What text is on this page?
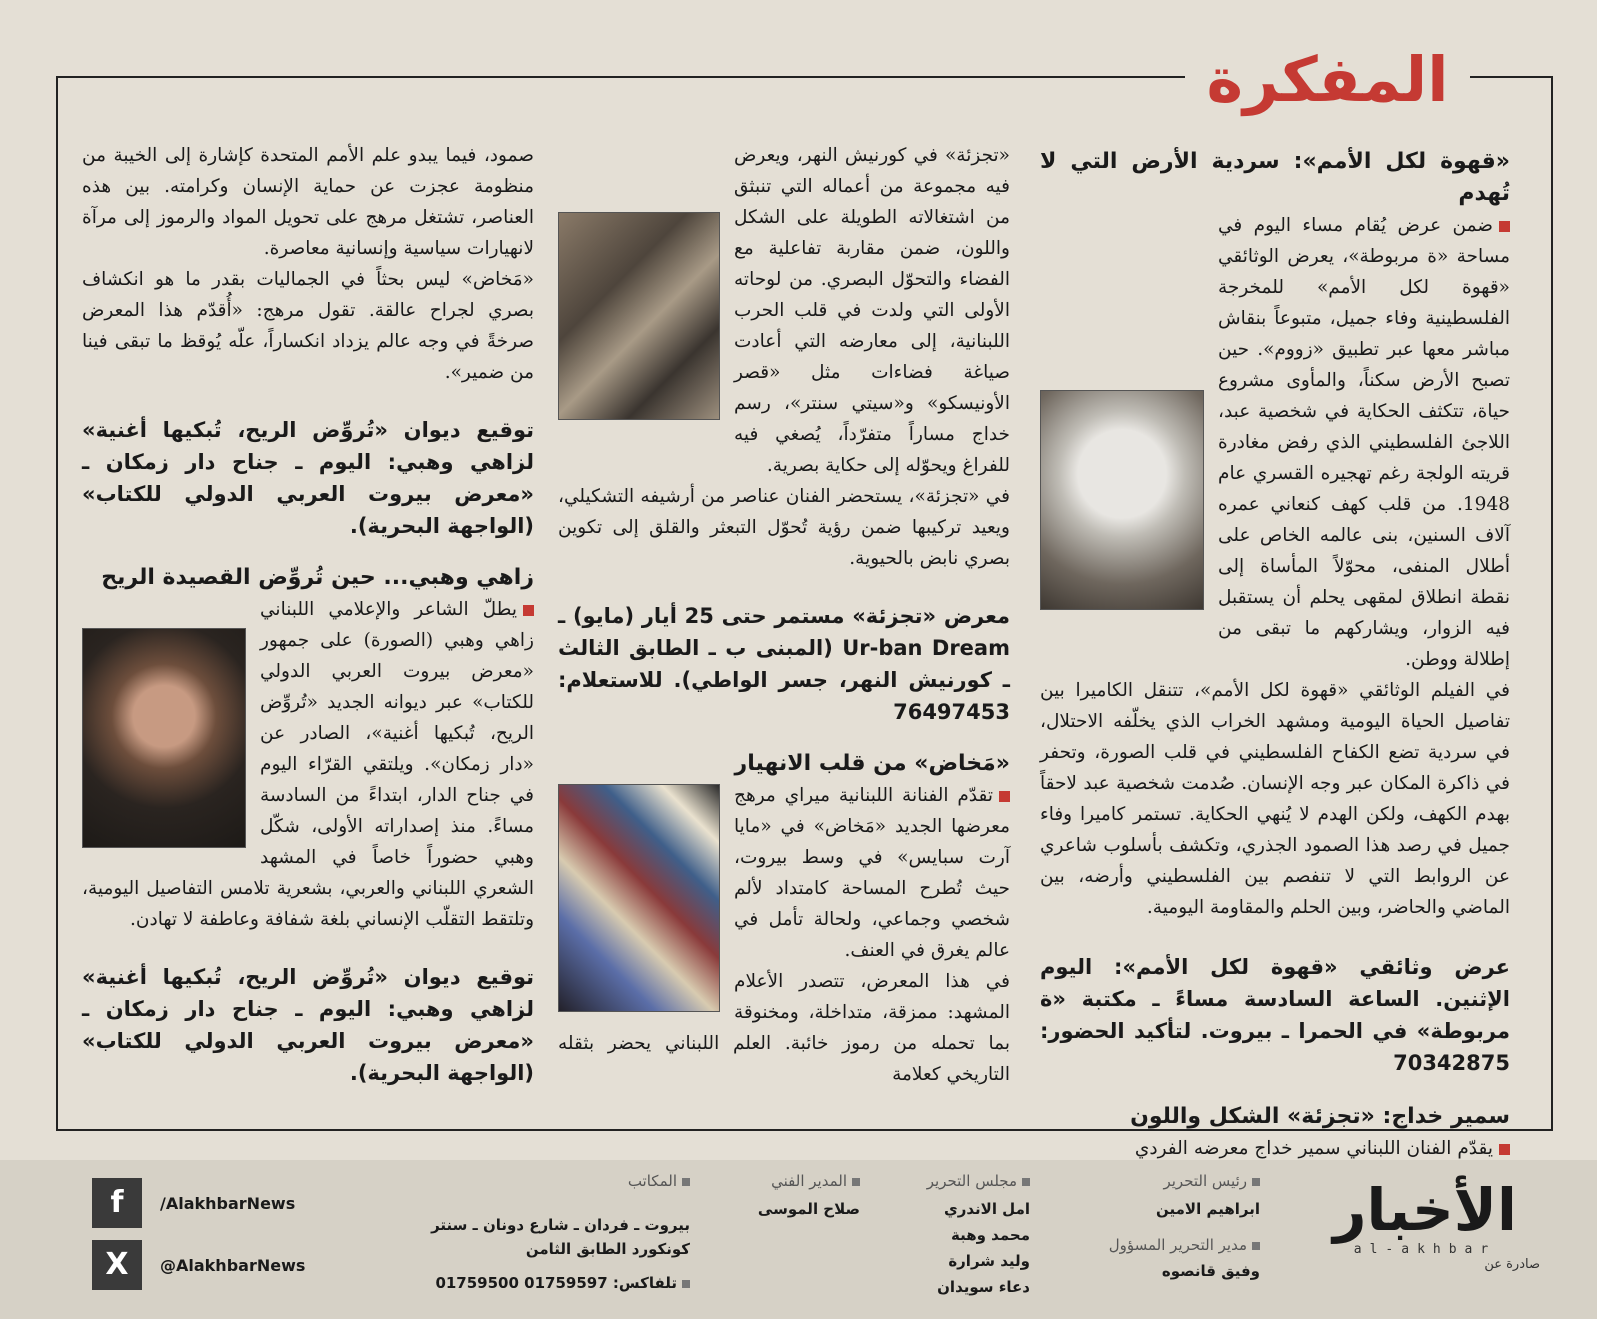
المفكرة

«قهوة لكل الأمم»: سردية الأرض التي لا تُهدم

ضمن عرض يُقام مساء اليوم في مساحة «ة مربوطة»، يعرض الوثائقي «قهوة لكل الأمم» للمخرجة الفلسطينية وفاء جميل، متبوعاً بنقاش مباشر معها عبر تطبيق «زووم». حين تصبح الأرض سكناً، والمأوى مشروع حياة، تتكثف الحكاية في شخصية عبد، اللاجئ الفلسطيني الذي رفض مغادرة قريته الولجة رغم تهجيره القسري عام 1948. من قلب كهف كنعاني عمره آلاف السنين، بنى عالمه الخاص على أطلال المنفى، محوّلاً المأساة إلى نقطة انطلاق لمقهى يحلم أن يستقبل فيه الزوار، ويشاركهم ما تبقى من إطلالة ووطن.

في الفيلم الوثائقي «قهوة لكل الأمم»، تتنقل الكاميرا بين تفاصيل الحياة اليومية ومشهد الخراب الذي يخلّفه الاحتلال، في سردية تضع الكفاح الفلسطيني في قلب الصورة، وتحفر في ذاكرة المكان عبر وجه الإنسان. صُدمت شخصية عبد لاحقاً بهدم الكهف، ولكن الهدم لا يُنهي الحكاية. تستمر كاميرا وفاء جميل في رصد هذا الصمود الجذري، وتكشف بأسلوب شاعري عن الروابط التي لا تنفصم بين الفلسطيني وأرضه، بين الماضي والحاضر، وبين الحلم والمقاومة اليومية.

عرض وثائقي «قهوة لكل الأمم»: اليوم الإثنين. الساعة السادسة مساءً ـ مكتبة «ة مربوطة» في الحمرا ـ بيروت. لتأكيد الحضور: 70342875

سمير خداج: «تجزئة» الشكل واللون

يقدّم الفنان اللبناني سمير خداج معرضه الفردي

«تجزئة» في كورنيش النهر، ويعرض فيه مجموعة من أعماله التي تنبثق من اشتغالاته الطويلة على الشكل واللون، ضمن مقاربة تفاعلية مع الفضاء والتحوّل البصري. من لوحاته الأولى التي ولدت في قلب الحرب اللبنانية، إلى معارضه التي أعادت صياغة فضاءات مثل «قصر الأونيسكو» و«سيتي سنتر»، رسم خداج مساراً متفرّداً، يُصغي فيه للفراغ ويحوّله إلى حكاية بصرية.

في «تجزئة»، يستحضر الفنان عناصر من أرشيفه التشكيلي، ويعيد تركيبها ضمن رؤية تُحوّل التبعثر والقلق إلى تكوين بصري نابض بالحيوية.

معرض «تجزئة» مستمر حتى 25 أيار (مايو) ـ Ur-ban Dream (المبنى ب ـ الطابق الثالث ـ كورنيش النهر، جسر الواطي). للاستعلام: 76497453

«مَخاض» من قلب الانهيار

تقدّم الفنانة اللبنانية ميراي مرهج معرضها الجديد «مَخاض» في «مايا آرت سبايس» في وسط بيروت، حيث تُطرح المساحة كامتداد لألم شخصي وجماعي، ولحالة تأمل في عالم يغرق في العنف.

في هذا المعرض، تتصدر الأعلام المشهد: ممزقة، متداخلة، ومخنوقة بما تحمله من رموز خائبة. العلم اللبناني يحضر بثقله التاريخي كعلامة

صمود، فيما يبدو علم الأمم المتحدة كإشارة إلى الخيبة من منظومة عجزت عن حماية الإنسان وكرامته. بين هذه العناصر، تشتغل مرهج على تحويل المواد والرموز إلى مرآة لانهيارات سياسية وإنسانية معاصرة.

«مَخاض» ليس بحثاً في الجماليات بقدر ما هو انكشاف بصري لجراح عالقة. تقول مرهج: «أُقدّم هذا المعرض صرخةً في وجه عالم يزداد انكساراً، علّه يُوقظ ما تبقى فينا من ضمير».

توقيع ديوان «تُروِّض الريح، تُبكيها أغنية» لزاهي وهبي: اليوم ـ جناح دار زمكان ـ «معرض بيروت العربي الدولي للكتاب» (الواجهة البحرية).

زاهي وهبي... حين تُروِّض القصيدة الريح

يطلّ الشاعر والإعلامي اللبناني زاهي وهبي (الصورة) على جمهور «معرض بيروت العربي الدولي للكتاب» عبر ديوانه الجديد «تُروِّض الريح، تُبكيها أغنية»، الصادر عن «دار زمكان». ويلتقي القرّاء اليوم في جناح الدار، ابتداءً من السادسة مساءً. منذ إصداراته الأولى، شكّل وهبي حضوراً خاصاً في المشهد الشعري اللبناني والعربي، بشعرية تلامس التفاصيل اليومية، وتلتقط التقلّب الإنساني بلغة شفافة وعاطفة لا تهادن.

توقيع ديوان «تُروِّض الريح، تُبكيها أغنية» لزاهي وهبي: اليوم ـ جناح دار زمكان ـ «معرض بيروت العربي الدولي للكتاب» (الواجهة البحرية).

الأخبار
al-akhbar
صادرة عن
رئيس التحرير
ابراهيم الامين
مدير التحرير المسؤول
وفيق قانصوه
مجلس التحرير
امل الاندري
محمد وهبة
وليد شرارة
دعاء سويدان
المدير الفني
صلاح الموسى
المكاتب
بيروت ـ فردان ـ شارع دونان ـ سنتر
كونكورد الطابق الثامن
تلفاكس: 01759500 01759597
f	/AlakhbarNews
X	@AlakhbarNews
